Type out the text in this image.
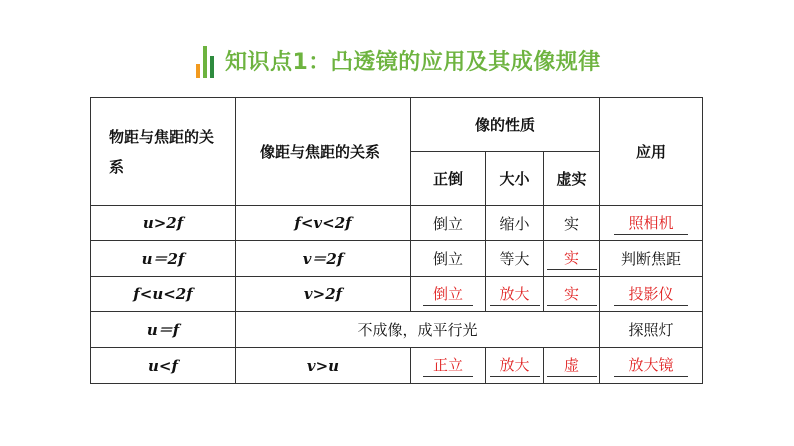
知识点1：凸透镜的应用及其成像规律
物距与焦距的关系	像距与焦距的关系	像的性质			应用
		正倒	大小	虚实	
u>2f	f<v<2f	倒立	缩小	实	照相机
u＝2f	v＝2f	倒立	等大	实	判断焦距
f<u<2f	v>2f	倒立	放大	实	投影仪
u＝f	不成像，成平行光				探照灯
u<f	v>u	正立	放大	虚	放大镜
